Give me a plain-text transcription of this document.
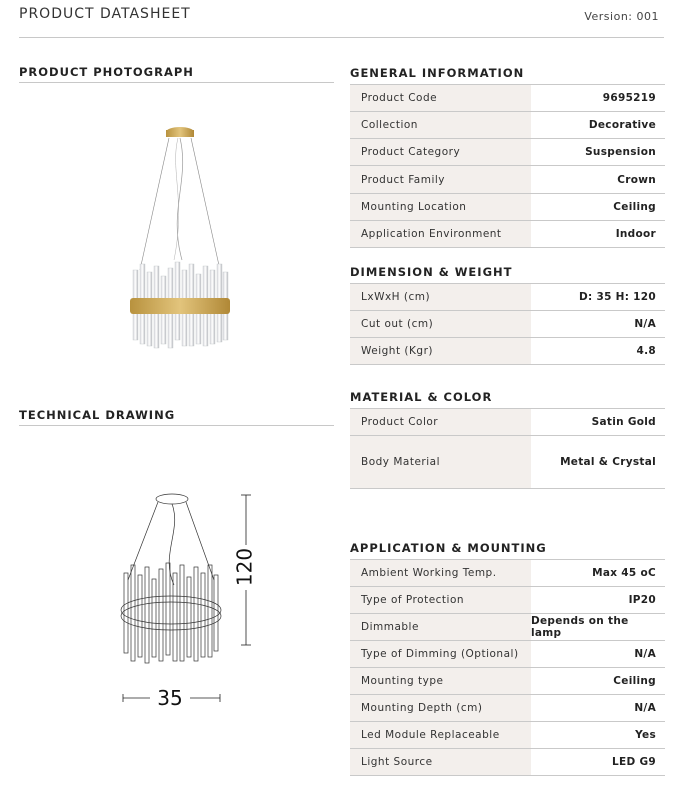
PRODUCT DATASHEET	Version: 001
PRODUCT PHOTOGRAPH
TECHNICAL DRAWING
120
35
GENERAL INFORMATION
Product Code	9695219
Collection	Decorative
Product Category	Suspension
Product Family	Crown
Mounting Location	Ceiling
Application Environment	Indoor
DIMENSION & WEIGHT
LxWxH (cm)	D: 35 H: 120
Cut out (cm)	N/A
Weight (Kgr)	4.8
MATERIAL & COLOR
Product Color	Satin Gold
Body Material	Metal & Crystal
APPLICATION & MOUNTING
Ambient Working Temp.	Max 45 oC
Type of Protection	IP20
Dimmable	Depends on the lamp
Type of Dimming (Optional)	N/A
Mounting type	Ceiling
Mounting Depth (cm)	N/A
Led Module Replaceable	Yes
Light Source	LED G9
